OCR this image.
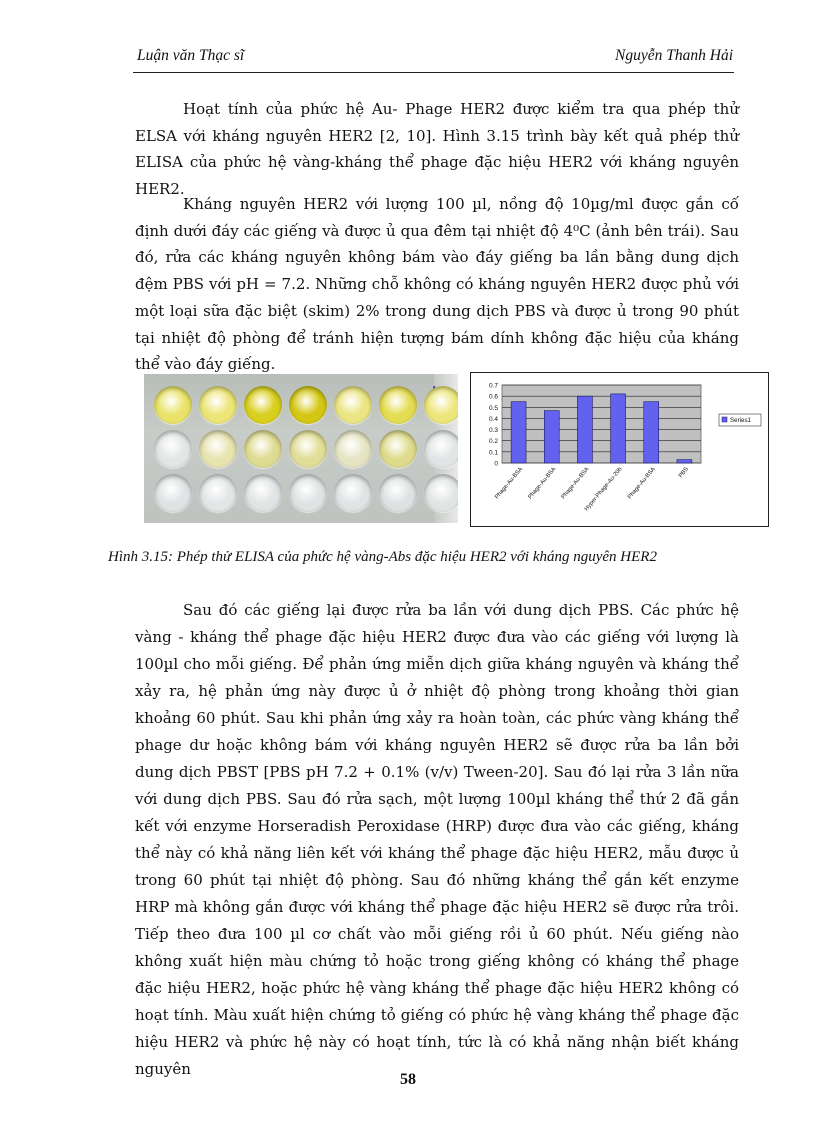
Luận văn Thạc sĩ	Nguyễn Thanh Hải

Hoạt tính của phức hệ Au- Phage HER2 được kiểm tra qua phép thử ELSA với kháng nguyên HER2 [2, 10]. Hình 3.15 trình bày kết quả phép thử ELISA của phức hệ vàng-kháng thể phage đặc hiệu HER2 với kháng nguyên HER2.

Kháng nguyên HER2 với lượng 100 µl, nồng độ 10µg/ml được gắn cố định dưới đáy các giếng và được ủ qua đêm tại nhiệt độ 4⁰C (ảnh bên trái). Sau đó, rửa các kháng nguyên không bám vào đáy giếng ba lần bằng dung dịch đệm PBS với pH = 7.2. Những chỗ không có kháng nguyên HER2 được phủ với một loại sữa đặc biệt (skim) 2% trong dung dịch PBS và được ủ trong 90 phút tại nhiệt độ phòng để tránh hiện tượng bám dính không đặc hiệu của kháng thể vào đáy giếng.

0
0.1
0.2
0.3
0.4
0.5
0.6
0.7
Phage-Au-BSA Phage-Au-BSA Phage-Au-BSA
Hyper-Phage-Au-20h Phage-Au-BSA	PBS
Series1
Hình 3.15: Phép thử ELISA của phức hệ vàng-Abs đặc hiệu HER2 với kháng nguyên HER2

Sau đó các giếng lại được rửa ba lần với dung dịch PBS. Các phức hệ vàng - kháng thể phage đặc hiệu HER2 được đưa vào các giếng với lượng là 100µl cho mỗi giếng. Để phản ứng miễn dịch giữa kháng nguyên và kháng thể xảy ra, hệ phản ứng này được ủ ở nhiệt độ phòng trong khoảng thời gian khoảng 60 phút. Sau khi phản ứng xảy ra hoàn toàn, các phức vàng kháng thể phage dư hoặc không bám với kháng nguyên HER2 sẽ được rửa ba lần bởi dung dịch PBST [PBS pH 7.2 + 0.1% (v/v) Tween-20]. Sau đó lại rửa 3 lần nữa với dung dịch PBS. Sau đó rửa sạch, một lượng 100µl kháng thể thứ 2 đã gắn kết với enzyme Horseradish Peroxidase (HRP) được đưa vào các giếng, kháng thể này có khả năng liên kết với kháng thể phage đặc hiệu HER2, mẫu được ủ trong 60 phút tại nhiệt độ phòng. Sau đó những kháng thể gắn kết enzyme HRP mà không gắn được với kháng thể phage đặc hiệu HER2 sẽ được rửa trôi. Tiếp theo đưa 100 µl cơ chất vào mỗi giếng rồi ủ 60 phút. Nếu giếng nào không xuất hiện màu chứng tỏ hoặc trong giếng không có kháng thể phage đặc hiệu HER2, hoặc phức hệ vàng kháng thể phage đặc hiệu HER2 không có hoạt tính. Màu xuất hiện chứng tỏ giếng có phức hệ vàng kháng thể phage đặc hiệu HER2 và phức hệ này có hoạt tính, tức là có khả năng nhận biết kháng nguyên

58
